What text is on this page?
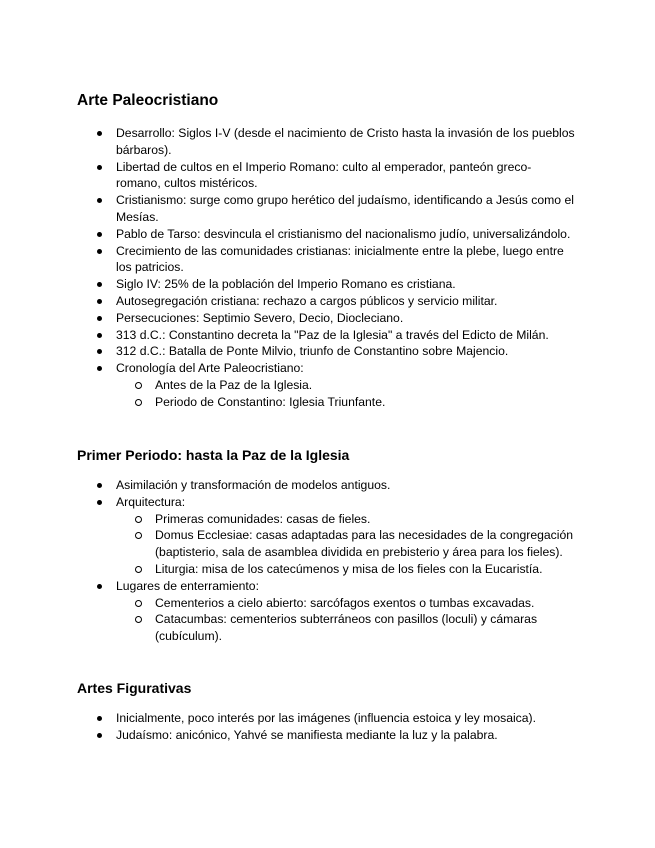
Arte Paleocristiano
Desarrollo: Siglos I-V (desde el nacimiento de Cristo hasta la invasión de los pueblos bárbaros).
Libertad de cultos en el Imperio Romano: culto al emperador, panteón greco-romano, cultos mistéricos.
Cristianismo: surge como grupo herético del judaísmo, identificando a Jesús como el Mesías.
Pablo de Tarso: desvincula el cristianismo del nacionalismo judío, universalizándolo.
Crecimiento de las comunidades cristianas: inicialmente entre la plebe, luego entre los patricios.
Siglo IV: 25% de la población del Imperio Romano es cristiana.
Autosegregación cristiana: rechazo a cargos públicos y servicio militar.
Persecuciones: Septimio Severo, Decio, Diocleciano.
313 d.C.: Constantino decreta la "Paz de la Iglesia" a través del Edicto de Milán.
312 d.C.: Batalla de Ponte Milvio, triunfo de Constantino sobre Majencio.
Cronología del Arte Paleocristiano:
Antes de la Paz de la Iglesia.
Periodo de Constantino: Iglesia Triunfante.
Primer Periodo: hasta la Paz de la Iglesia
Asimilación y transformación de modelos antiguos.
Arquitectura:
Primeras comunidades: casas de fieles.
Domus Ecclesiae: casas adaptadas para las necesidades de la congregación (baptisterio, sala de asamblea dividida en prebisterio y área para los fieles).
Liturgia: misa de los catecúmenos y misa de los fieles con la Eucaristía.
Lugares de enterramiento:
Cementerios a cielo abierto: sarcófagos exentos o tumbas excavadas.
Catacumbas: cementerios subterráneos con pasillos (loculi) y cámaras (cubículum).
Artes Figurativas
Inicialmente, poco interés por las imágenes (influencia estoica y ley mosaica).
Judaísmo: anicónico, Yahvé se manifiesta mediante la luz y la palabra.
